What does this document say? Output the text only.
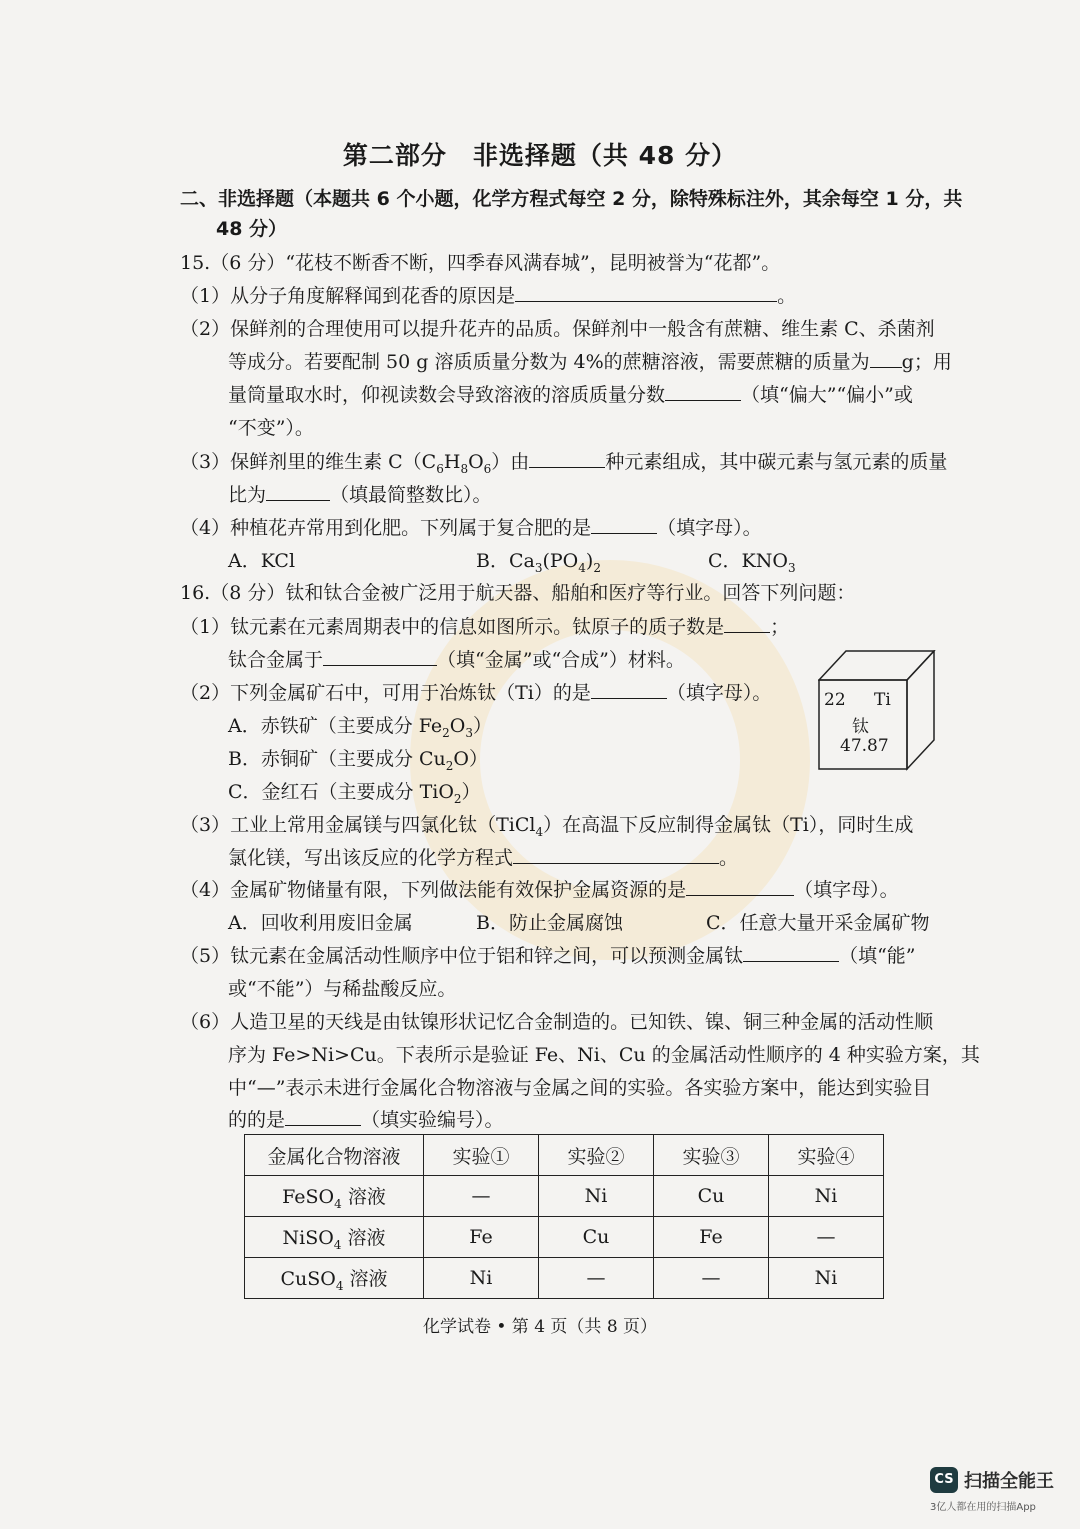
第二部分　非选择题（共 48 分）

二、非选择题（本题共 6 个小题，化学方程式每空 2 分，除特殊标注外，其余每空 1 分，共

48 分）

15.（6 分）“花枝不断香不断，四季春风满春城”，昆明被誉为“花都”。

（1）从分子角度解释闻到花香的原因是	。

（2）保鲜剂的合理使用可以提升花卉的品质。保鲜剂中一般含有蔗糖、维生素 C、杀菌剂

等成分。若要配制 50 g 溶质质量分数为 4%的蔗糖溶液，需要蔗糖的质量为 g；用

量筒量取水时，仰视读数会导致溶液的溶质质量分数	（填“偏大”“偏小”或

“不变”）。

（3）保鲜剂里的维生素 $C(C_6H_8O_6)$由	种元素组成，其中碳元素与氢元素的质量

比为	（填最简整数比）。

（4）种植花卉常用到化肥。下列属于复合肥的是	（填字母）。

A．KCl	B．$Ca_3(PO_4)_2$	C．$KNO_3$

16.（8 分）钛和钛合金被广泛用于航天器、船舶和医疗等行业。回答下列问题：

（1）钛元素在元素周期表中的信息如图所示。钛原子的质子数是 ；

钛合金属于	（填“金属”或“合成”）材料。

（2）下列金属矿石中，可用于冶炼钛（Ti）的是	（填字母）。

A．赤铁矿（主要成分 $Fe_2O_3$）
B．赤铜矿（主要成分 $Cu_2O$）
C．金红石（主要成分 TiO$_2$）
22 Ti
钛
47.87

（3）工业上常用金属镁与四氯化钛（TiCl$_4$）在高温下反应制得金属钛（Ti），同时生成

氯化镁，写出该反应的化学方程式	。

（4）金属矿物储量有限，下列做法能有效保护金属资源的是	（填字母）。

A．回收利用废旧金属	B．防止金属腐蚀	C．任意大量开采金属矿物

（5）钛元素在金属活动性顺序中位于铝和锌之间，可以预测金属钛	（填“能”

或“不能”）与稀盐酸反应。

（6）人造卫星的天线是由钛镍形状记忆合金制造的。已知铁、镍、铜三种金属的活动性顺

序为 Fe>Ni>Cu。下表所示是验证 Fe、Ni、Cu 的金属活动性顺序的 4 种实验方案，其

中“—”表示未进行金属化合物溶液与金属之间的实验。各实验方案中，能达到实验目

的的是	（填实验编号）。

金属化合物溶液	实验①	实验②	实验③	实验④
FeSO$_4$ 溶液	—	Ni	Cu	Ni
NiSO$_4$ 溶液	Fe	Cu	Fe	—
CuSO$_4$ 溶液	Ni	—	—	Ni
化学试卷 • 第 4 页（共 8 页）
CS 扫描全能王
3亿人都在用的扫描App
